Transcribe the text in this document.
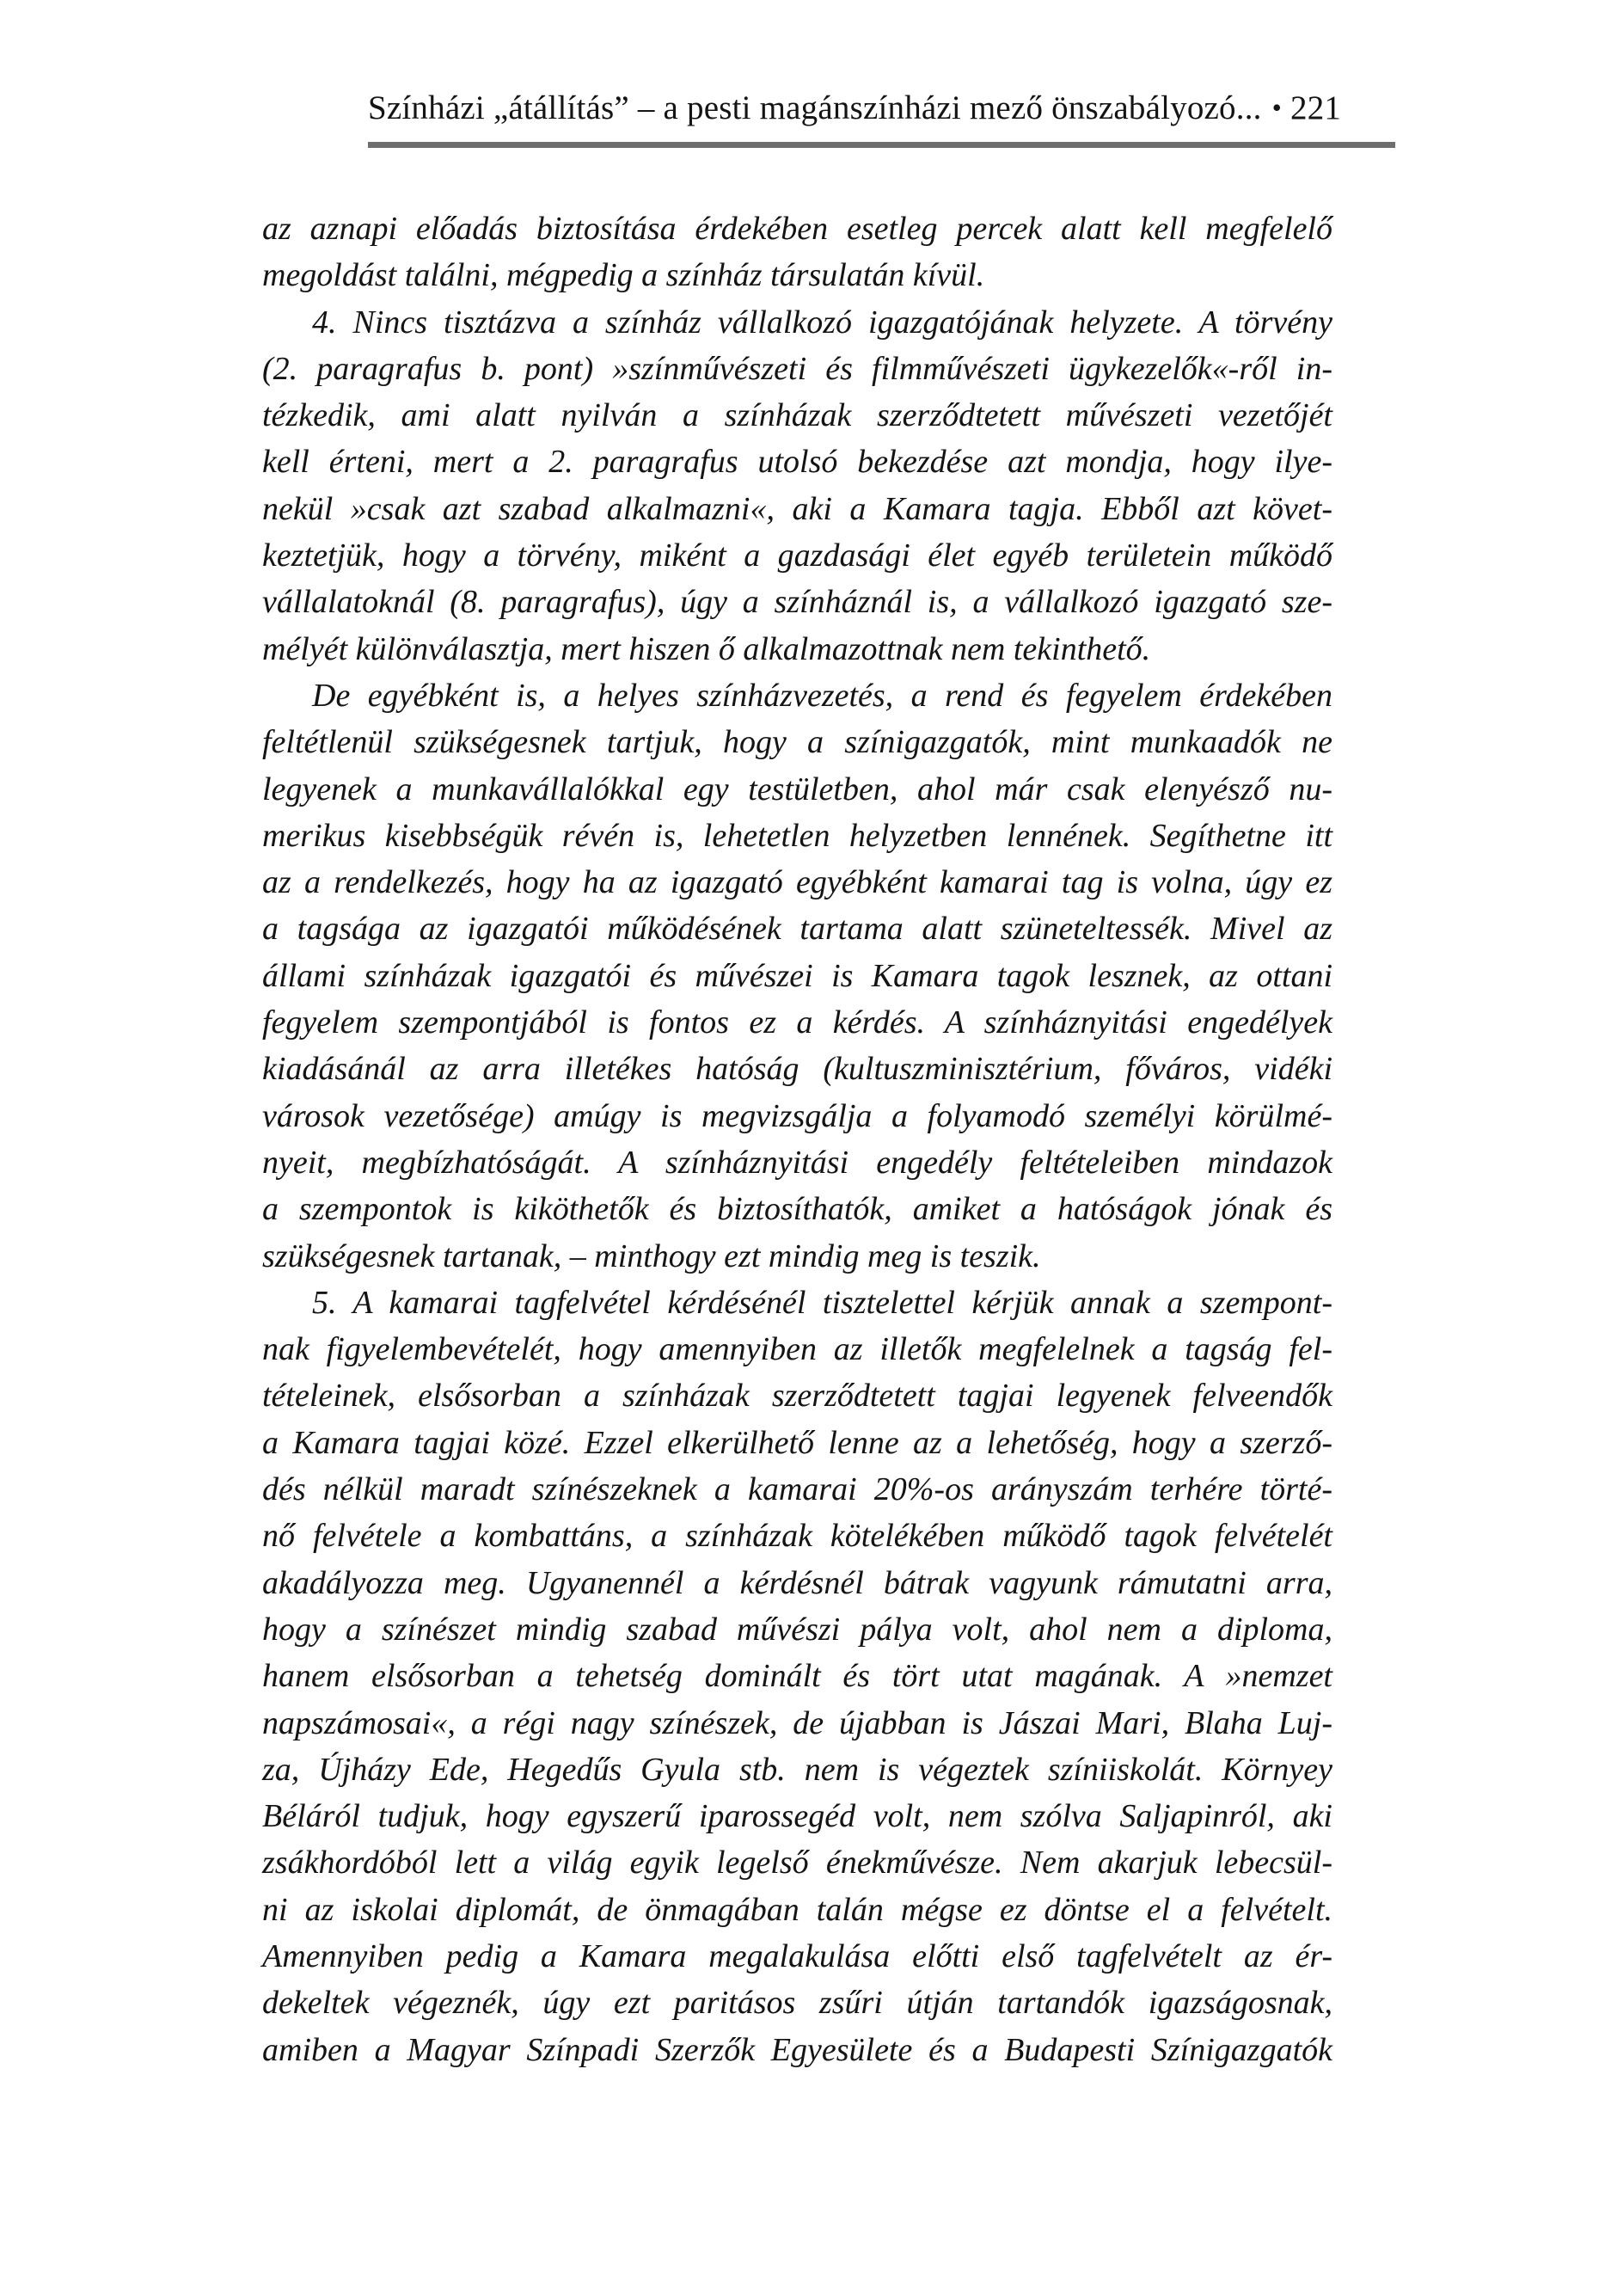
Színházi „átállítás” – a pesti magánszínházi mező önszabályozó... • 221
az aznapi előadás biztosítása érdekében esetleg percek alatt kell megfelelő
megoldást találni, mégpedig a színház társulatán kívül.
4. Nincs tisztázva a színház vállalkozó igazgatójának helyzete. A törvény
(2. paragrafus b. pont) »színművészeti és filmművészeti ügykezelők«-ről in-
tézkedik, ami alatt nyilván a színházak szerződtetett művészeti vezetőjét
kell érteni, mert a 2. paragrafus utolsó bekezdése azt mondja, hogy ilye-
nekül »csak azt szabad alkalmazni«, aki a Kamara tagja. Ebből azt követ-
keztetjük, hogy a törvény, miként a gazdasági élet egyéb területein működő
vállalatoknál (8. paragrafus), úgy a színháznál is, a vállalkozó igazgató sze-
mélyét különválasztja, mert hiszen ő alkalmazottnak nem tekinthető.
De egyébként is, a helyes színházvezetés, a rend és fegyelem érdekében
feltétlenül szükségesnek tartjuk, hogy a színigazgatók, mint munkaadók ne
legyenek a munkavállalókkal egy testületben, ahol már csak elenyésző nu-
merikus kisebbségük révén is, lehetetlen helyzetben lennének. Segíthetne itt
az a rendelkezés, hogy ha az igazgató egyébként kamarai tag is volna, úgy ez
a tagsága az igazgatói működésének tartama alatt szüneteltessék. Mivel az
állami színházak igazgatói és művészei is Kamara tagok lesznek, az ottani
fegyelem szempontjából is fontos ez a kérdés. A színháznyitási engedélyek
kiadásánál az arra illetékes hatóság (kultuszminisztérium, főváros, vidéki
városok vezetősége) amúgy is megvizsgálja a folyamodó személyi körülmé-
nyeit, megbízhatóságát. A színháznyitási engedély feltételeiben mindazok
a szempontok is kiköthetők és biztosíthatók, amiket a hatóságok jónak és
szükségesnek tartanak, – minthogy ezt mindig meg is teszik.
5. A kamarai tagfelvétel kérdésénél tisztelettel kérjük annak a szempont-
nak figyelembevételét, hogy amennyiben az illetők megfelelnek a tagság fel-
tételeinek, elsősorban a színházak szerződtetett tagjai legyenek felveendők
a Kamara tagjai közé. Ezzel elkerülhető lenne az a lehetőség, hogy a szerző-
dés nélkül maradt színészeknek a kamarai 20%-os arányszám terhére törté-
nő felvétele a kombattáns, a színházak kötelékében működő tagok felvételét
akadályozza meg. Ugyanennél a kérdésnél bátrak vagyunk rámutatni arra,
hogy a színészet mindig szabad művészi pálya volt, ahol nem a diploma,
hanem elsősorban a tehetség dominált és tört utat magának. A »nemzet
napszámosai«, a régi nagy színészek, de újabban is Jászai Mari, Blaha Luj-
za, Újházy Ede, Hegedűs Gyula stb. nem is végeztek színiiskolát. Környey
Béláról tudjuk, hogy egyszerű iparossegéd volt, nem szólva Saljapinról, aki
zsákhordóból lett a világ egyik legelső énekművésze. Nem akarjuk lebecsül-
ni az iskolai diplomát, de önmagában talán mégse ez döntse el a felvételt.
Amennyiben pedig a Kamara megalakulása előtti első tagfelvételt az ér-
dekeltek végeznék, úgy ezt paritásos zsűri útján tartandók igazságosnak,
amiben a Magyar Színpadi Szerzők Egyesülete és a Budapesti Színigazgatók
